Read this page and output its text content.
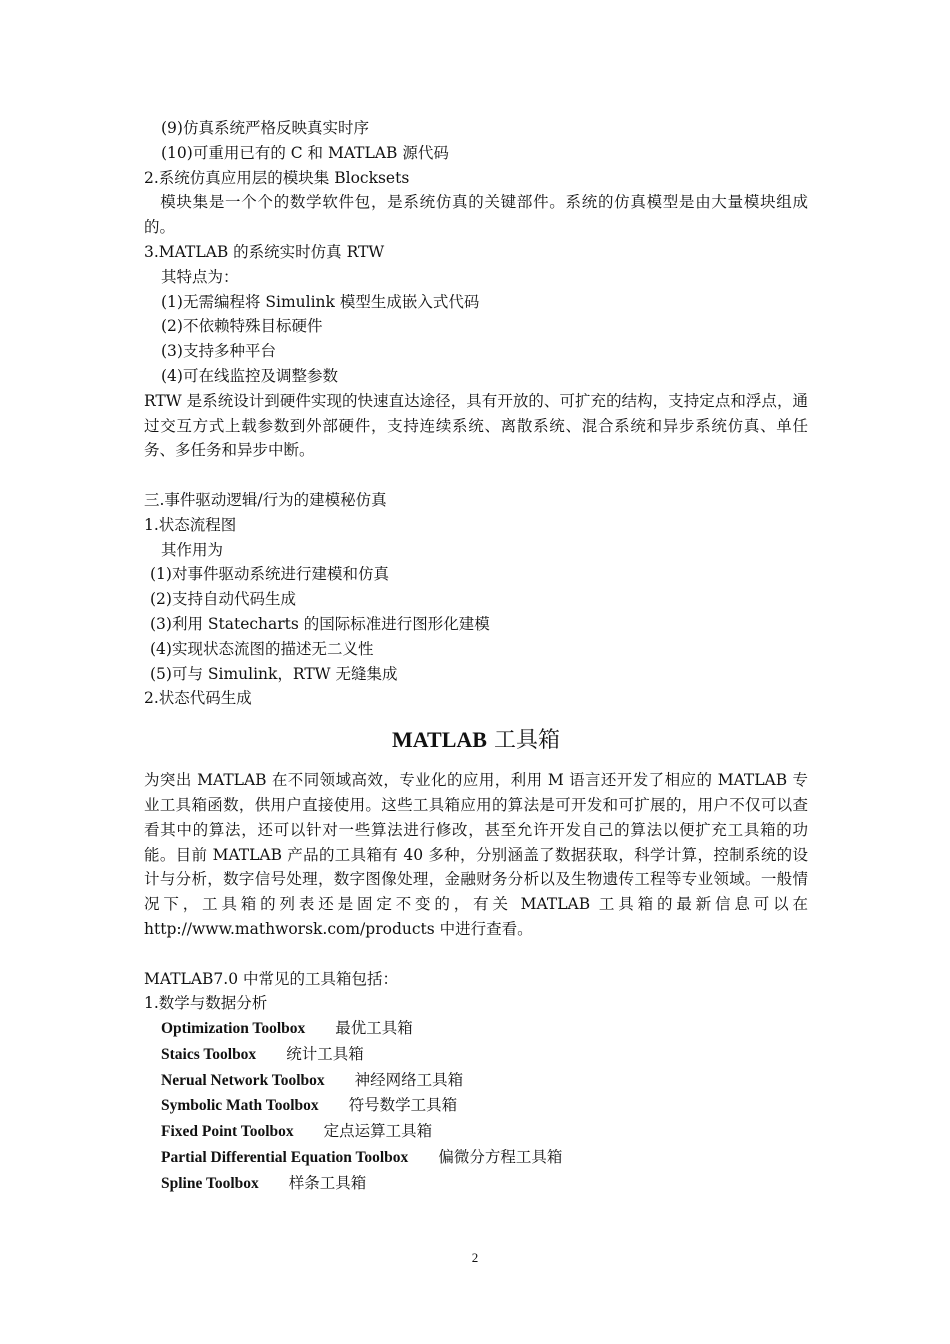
(9)仿真系统严格反映真实时序
(10)可重用已有的 C 和 MATLAB 源代码
2.系统仿真应用层的模块集 Blocksets
　模块集是一个个的数学软件包，是系统仿真的关键部件。系统的仿真模型是由大量模块组成的。
3.MATLAB 的系统实时仿真 RTW
其特点为：
(1)无需编程将 Simulink 模型生成嵌入式代码
(2)不依赖特殊目标硬件
(3)支持多种平台
(4)可在线监控及调整参数
RTW 是系统设计到硬件实现的快速直达途径，具有开放的、可扩充的结构，支持定点和浮点，通过交互方式上载参数到外部硬件，支持连续系统、离散系统、混合系统和异步系统仿真、单任务、多任务和异步中断。
三.事件驱动逻辑/行为的建模秘仿真
1.状态流程图
其作用为
(1)对事件驱动系统进行建模和仿真
(2)支持自动代码生成
(3)利用 Statecharts 的国际标准进行图形化建模
(4)实现状态流图的描述无二义性
(5)可与 Simulink，RTW 无缝集成
2.状态代码生成
MATLAB 工具箱
为突出 MATLAB 在不同领域高效，专业化的应用，利用 M 语言还开发了相应的 MATLAB 专业工具箱函数，供用户直接使用。这些工具箱应用的算法是可开发和可扩展的，用户不仅可以查看其中的算法，还可以针对一些算法进行修改，甚至允许开发自己的算法以便扩充工具箱的功能。目前 MATLAB 产品的工具箱有 40 多种，分别涵盖了数据获取，科学计算，控制系统的设计与分析，数字信号处理，数字图像处理，金融财务分析以及生物遗传工程等专业领域。一般情况下，工具箱的列表还是固定不变的，有关 MATLAB 工具箱的最新信息可以在 http://www.mathworsk.com/products 中进行查看。
MATLAB7.0 中常见的工具箱包括：
1.数学与数据分析
Optimization Toolbox 最优工具箱
Staics Toolbox 统计工具箱
Nerual Network Toolbox 神经网络工具箱
Symbolic Math Toolbox 符号数学工具箱
Fixed Point Toolbox 定点运算工具箱
Partial Differential Equation Toolbox 偏微分方程工具箱
Spline Toolbox 样条工具箱
2
